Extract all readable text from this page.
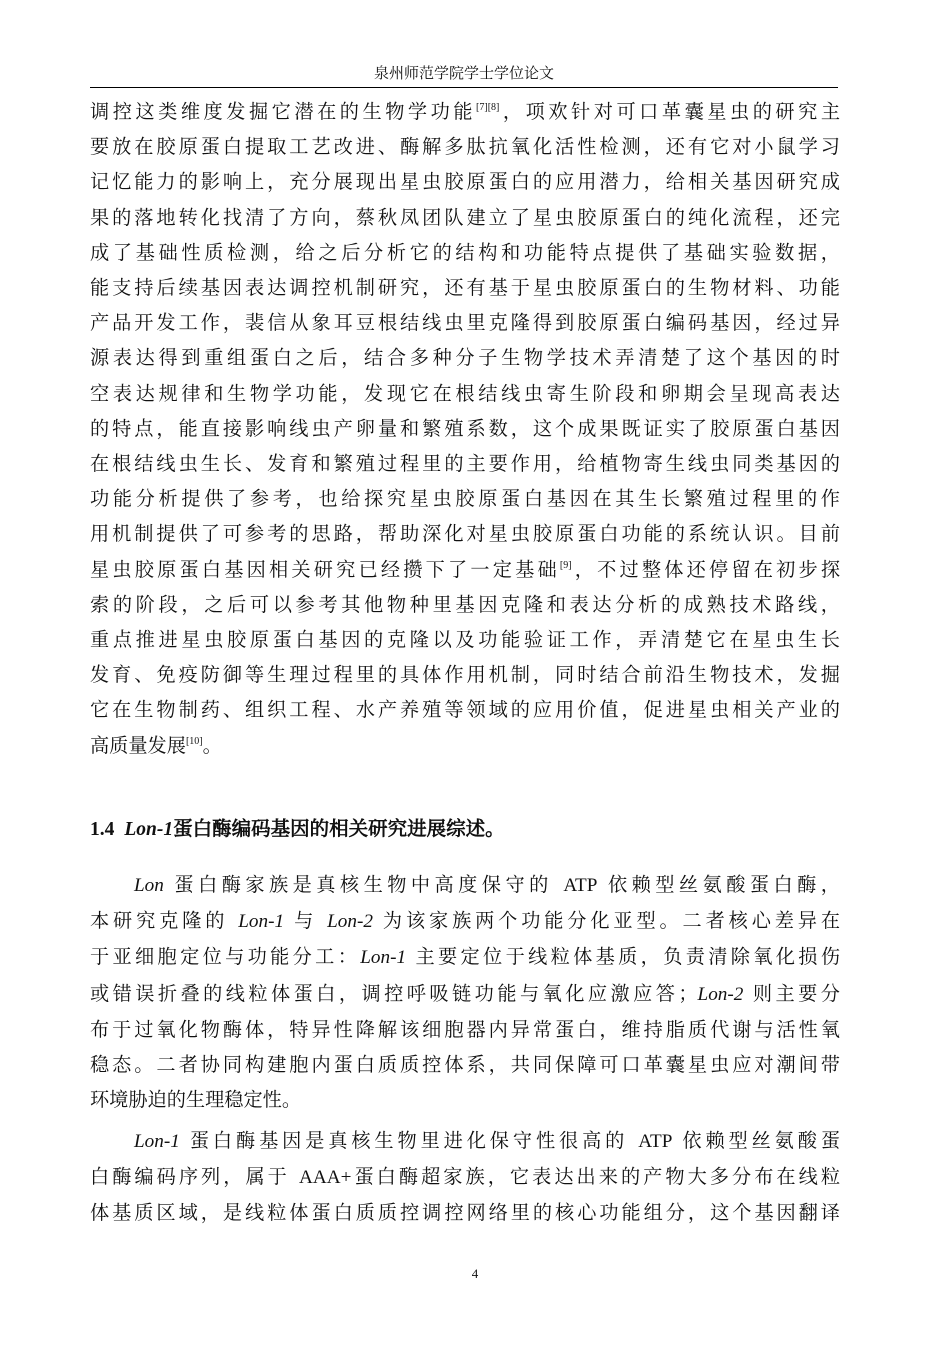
泉州师范学院学士学位论文
调控这类维度发掘它潜在的生物学功能[7][8]，项欢针对可口革囊星虫的研究主
要放在胶原蛋白提取工艺改进、酶解多肽抗氧化活性检测，还有它对小鼠学习
记忆能力的影响上，充分展现出星虫胶原蛋白的应用潜力，给相关基因研究成
果的落地转化找清了方向，蔡秋凤团队建立了星虫胶原蛋白的纯化流程，还完
成了基础性质检测，给之后分析它的结构和功能特点提供了基础实验数据，
能支持后续基因表达调控机制研究，还有基于星虫胶原蛋白的生物材料、功能
产品开发工作，裴信从象耳豆根结线虫里克隆得到胶原蛋白编码基因，经过异
源表达得到重组蛋白之后，结合多种分子生物学技术弄清楚了这个基因的时
空表达规律和生物学功能，发现它在根结线虫寄生阶段和卵期会呈现高表达
的特点，能直接影响线虫产卵量和繁殖系数，这个成果既证实了胶原蛋白基因
在根结线虫生长、发育和繁殖过程里的主要作用，给植物寄生线虫同类基因的
功能分析提供了参考，也给探究星虫胶原蛋白基因在其生长繁殖过程里的作
用机制提供了可参考的思路，帮助深化对星虫胶原蛋白功能的系统认识。目前
星虫胶原蛋白基因相关研究已经攒下了一定基础[9]，不过整体还停留在初步探
索的阶段，之后可以参考其他物种里基因克隆和表达分析的成熟技术路线，
重点推进星虫胶原蛋白基因的克隆以及功能验证工作，弄清楚它在星虫生长
发育、免疫防御等生理过程里的具体作用机制，同时结合前沿生物技术，发掘
它在生物制药、组织工程、水产养殖等领域的应用价值，促进星虫相关产业的
高质量发展[10]。
1.4 Lon-1蛋白酶编码基因的相关研究进展综述。
Lon 蛋白酶家族是真核生物中高度保守的 ATP 依赖型丝氨酸蛋白酶，
本研究克隆的 Lon-1 与 Lon-2 为该家族两个功能分化亚型。二者核心差异在
于亚细胞定位与功能分工：Lon-1 主要定位于线粒体基质，负责清除氧化损伤
或错误折叠的线粒体蛋白，调控呼吸链功能与氧化应激应答；Lon-2 则主要分
布于过氧化物酶体，特异性降解该细胞器内异常蛋白，维持脂质代谢与活性氧
稳态。二者协同构建胞内蛋白质质控体系，共同保障可口革囊星虫应对潮间带
环境胁迫的生理稳定性。
Lon-1 蛋白酶基因是真核生物里进化保守性很高的 ATP 依赖型丝氨酸蛋
白酶编码序列，属于 AAA+蛋白酶超家族，它表达出来的产物大多分布在线粒
体基质区域，是线粒体蛋白质质控调控网络里的核心功能组分，这个基因翻译
4
